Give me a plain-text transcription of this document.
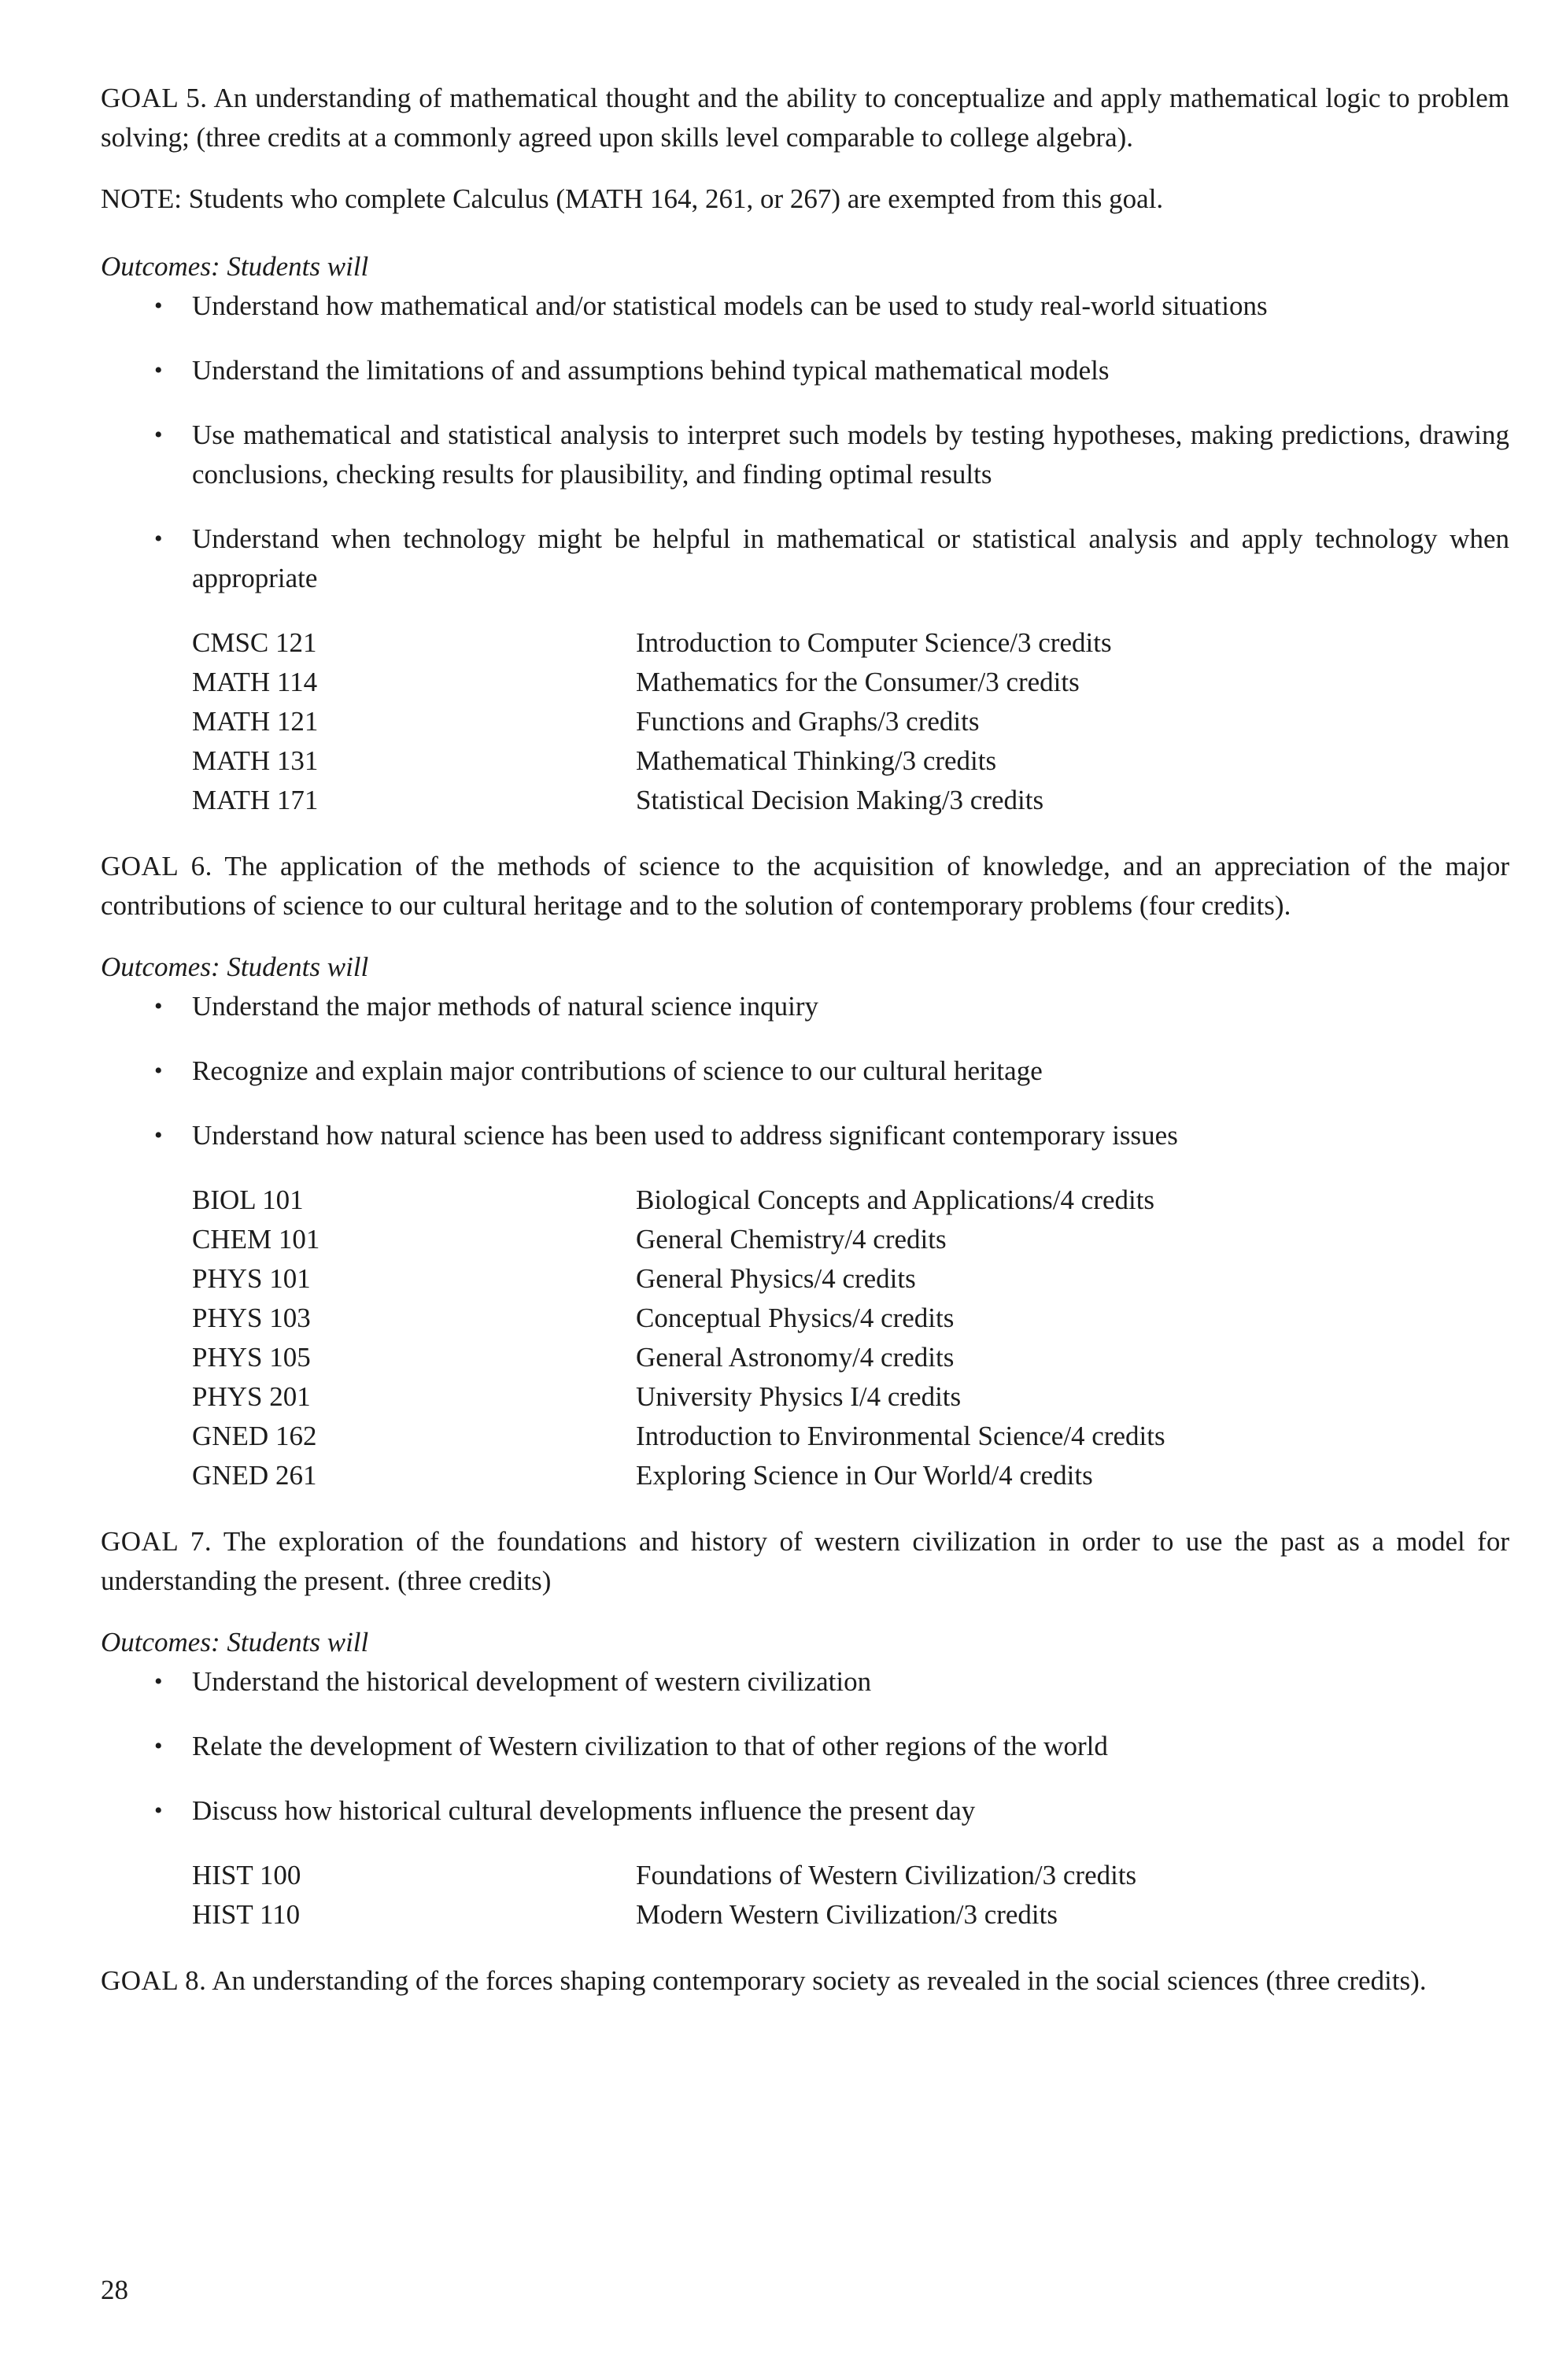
GOAL 5. An understanding of mathematical thought and the ability to conceptualize and apply mathematical logic to problem solving; (three credits at a commonly agreed upon skills level comparable to college algebra).

NOTE: Students who complete Calculus (MATH 164, 261, or 267) are exempted from this goal.

Outcomes: Students will

• Understand how mathematical and/or statistical models can be used to study real-world situations
• Understand the limitations of and assumptions behind typical mathematical models
• Use mathematical and statistical analysis to interpret such models by testing hypotheses, making predictions, drawing conclusions, checking results for plausibility, and finding optimal results
• Understand when technology might be helpful in mathematical or statistical analysis and apply technology when appropriate
CMSC 121	Introduction to Computer Science/3 credits
MATH 114	Mathematics for the Consumer/3 credits
MATH 121	Functions and Graphs/3 credits
MATH 131	Mathematical Thinking/3 credits
MATH 171	Statistical Decision Making/3 credits

GOAL 6. The application of the methods of science to the acquisition of knowledge, and an appreciation of the major contributions of science to our cultural heritage and to the solution of contemporary problems (four credits).

Outcomes: Students will

• Understand the major methods of natural science inquiry
• Recognize and explain major contributions of science to our cultural heritage
• Understand how natural science has been used to address significant contemporary issues
BIOL 101	Biological Concepts and Applications/4 credits
CHEM 101	General Chemistry/4 credits
PHYS 101	General Physics/4 credits
PHYS 103	Conceptual Physics/4 credits
PHYS 105	General Astronomy/4 credits
PHYS 201	University Physics I/4 credits
GNED 162	Introduction to Environmental Science/4 credits
GNED 261	Exploring Science in Our World/4 credits

GOAL 7. The exploration of the foundations and history of western civilization in order to use the past as a model for understanding the present. (three credits)

Outcomes: Students will

• Understand the historical development of western civilization
• Relate the development of Western civilization to that of other regions of the world
• Discuss how historical cultural developments influence the present day
HIST 100	Foundations of Western Civilization/3 credits
HIST 110	Modern Western Civilization/3 credits

GOAL 8. An understanding of the forces shaping contemporary society as revealed in the social sciences (three credits).

28
